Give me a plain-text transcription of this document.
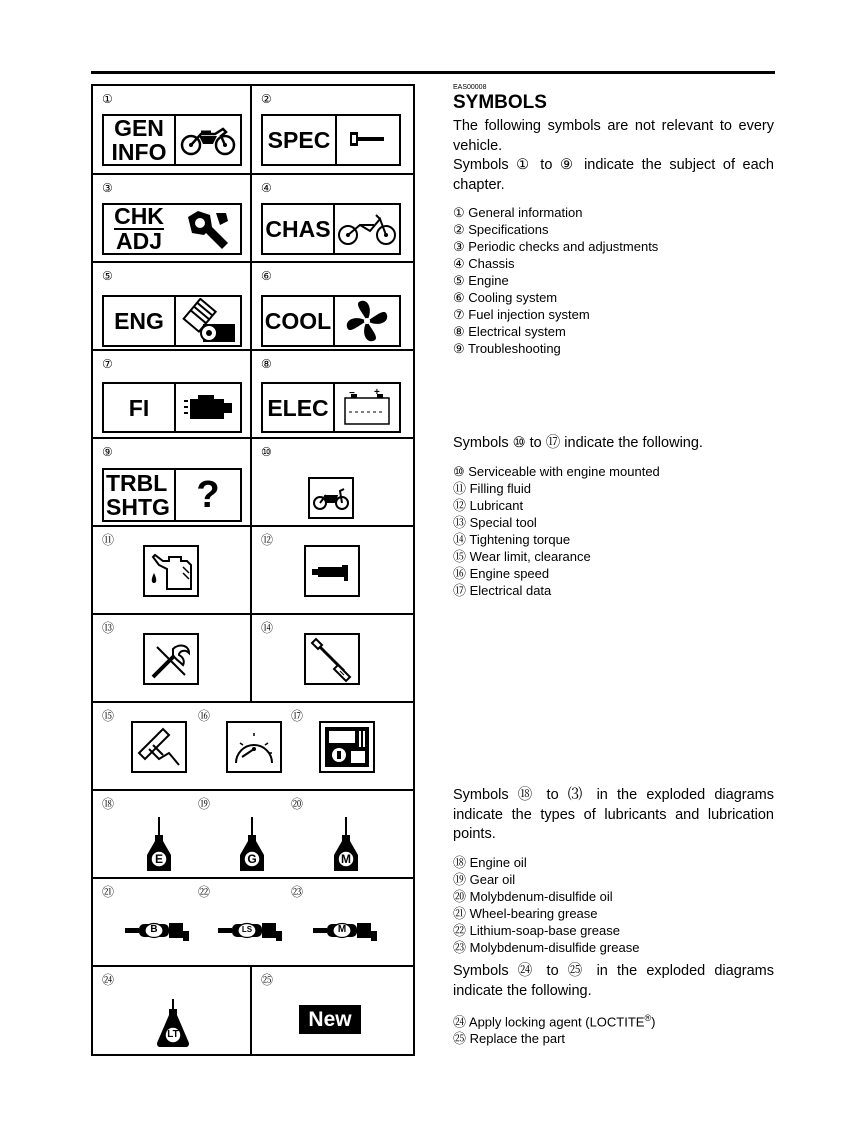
①
GEN
INFO
②
SPEC
③
CHK
ADJ
④
CHAS
⑤
ENG
⑥
COOL
⑦
FI
⑧
ELEC
− +
⑨
TRBL
SHTG ?
⑩
⑪	⑫
⑬	⑭
⑮	⑯	⑰
⑱	⑲	⑳
E	G	M
㉑	㉒	㉓
B	LS	M
㉔
LT
㉕
New
EAS00008
SYMBOLS

The following symbols are not relevant to every vehicle.

Symbols ① to ⑨ indicate the subject of each chapter.

① General information
② Specifications
③ Periodic checks and adjustments
④ Chassis
⑤ Engine
⑥ Cooling system
⑦ Fuel injection system
⑧ Electrical system
⑨ Troubleshooting

Symbols ⑩ to ⑰ indicate the following.

⑩ Serviceable with engine mounted
⑪ Filling fluid
⑫ Lubricant
⑬ Special tool
⑭ Tightening torque
⑮ Wear limit, clearance
⑯ Engine speed
⑰ Electrical data

Symbols ⑱ to ⑶ in the exploded diagrams indicate the types of lubricants and lubrication points.

⑱ Engine oil
⑲ Gear oil
⑳ Molybdenum-disulfide oil
㉑ Wheel-bearing grease
㉒ Lithium-soap-base grease
㉓ Molybdenum-disulfide grease

Symbols ㉔ to ㉕ in the exploded diagrams indicate the following.

㉔ Apply locking agent (LOCTITE®)
㉕ Replace the part
